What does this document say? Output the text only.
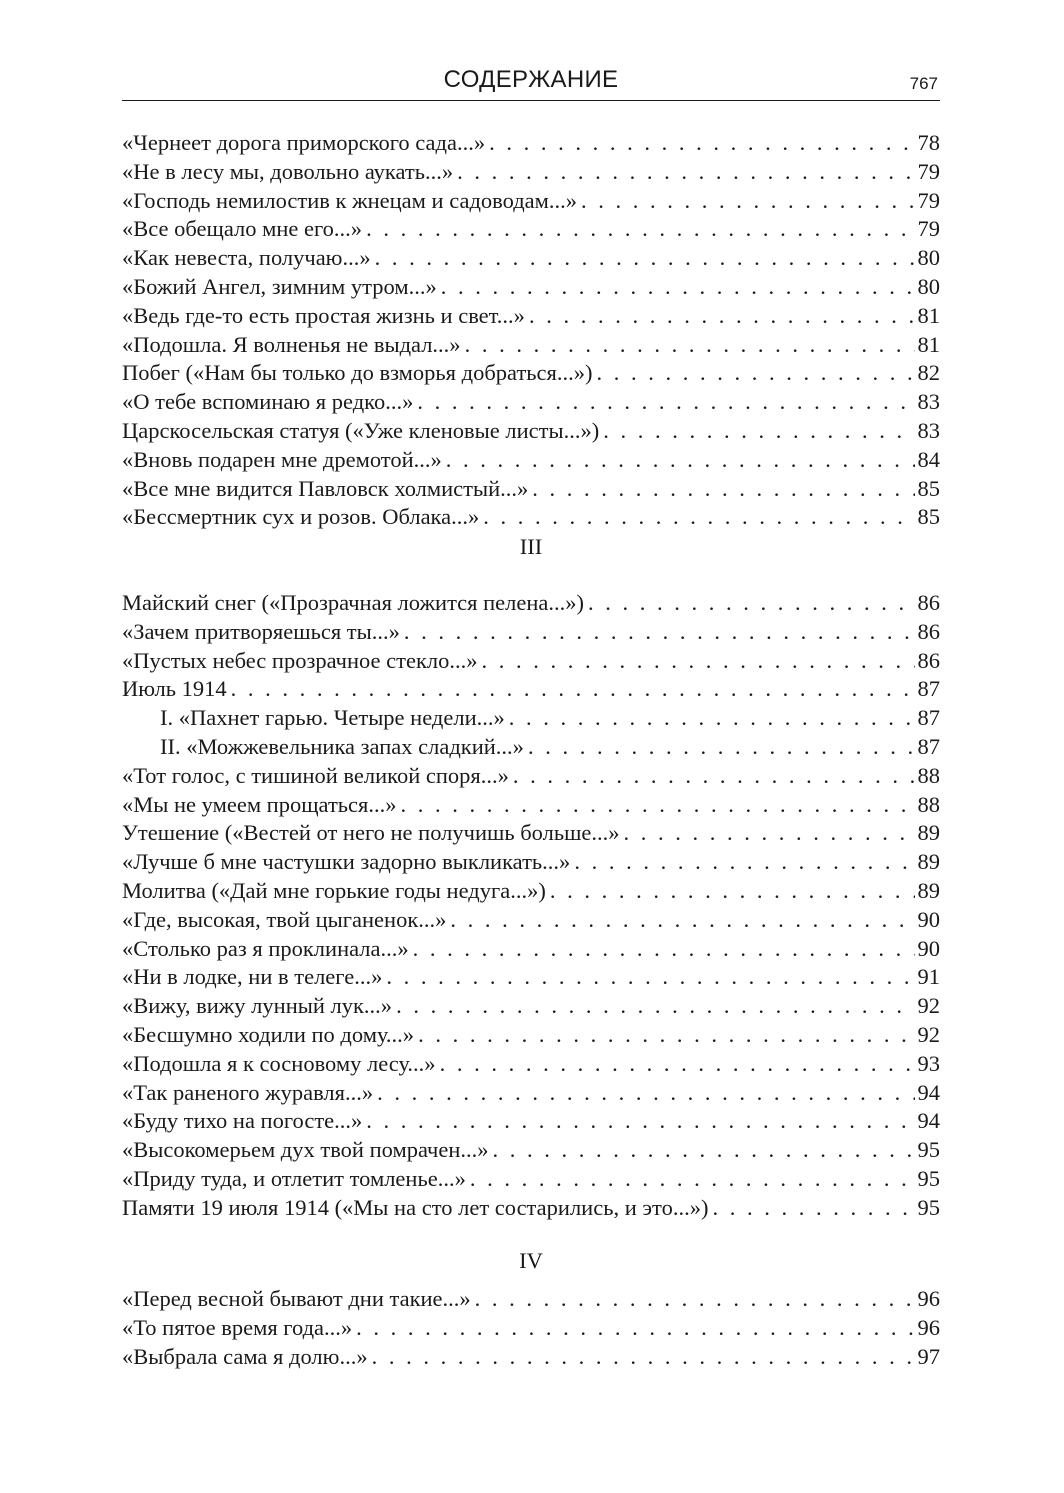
СОДЕРЖАНИЕ	767
«Чернеет дорога приморского сада...» . . .	78
«Не в лесу мы, довольно аукать...» . . .	79
«Господь немилостив к жнецам и садоводам...» . . .	79
«Все обещало мне его...» . . .	79
«Как невеста, получаю...» . . .	80
«Божий Ангел, зимним утром...» . . .	80
«Ведь где-то есть простая жизнь и свет...» . . .	81
«Подошла. Я волненья не выдал...» . . .	81
Побег («Нам бы только до взморья добраться...») . . .	82
«О тебе вспоминаю я редко...» . . .	83
Царскосельская статуя («Уже кленовые листы...») . . .	83
«Вновь подарен мне дремотой...» . . .	84
«Все мне видится Павловск холмистый...» . . .	85
«Бессмертник сух и розов. Облака...» . . .	85
III
Майский снег («Прозрачная ложится пелена...») . . .	86
«Зачем притворяешься ты...» . . .	86
«Пустых небес прозрачное стекло...» . . .	86
Июль 1914 . . .	87
I. «Пахнет гарью. Четыре недели...» . . .	87
II. «Можжевельника запах сладкий...» . . .	87
«Тот голос, с тишиной великой споря...» . . .	88
«Мы не умеем прощаться...» . . .	88
Утешение («Вестей от него не получишь больше...» . . .	89
«Лучше б мне частушки задорно выкликать...» . . .	89
Молитва («Дай мне горькие годы недуга...») . . .	89
«Где, высокая, твой цыганенок...» . . .	90
«Столько раз я проклинала...» . . .	90
«Ни в лодке, ни в телеге...» . . .	91
«Вижу, вижу лунный лук...» . . .	92
«Бесшумно ходили по дому...» . . .	92
«Подошла я к сосновому лесу...» . . .	93
«Так раненого журавля...» . . .	94
«Буду тихо на погосте...» . . .	94
«Высокомерьем дух твой помрачен...» . . .	95
«Приду туда, и отлетит томленье...» . . .	95
Памяти 19 июля 1914 («Мы на сто лет состарились, и это...») . . .	95
IV
«Перед весной бывают дни такие...» . . .	96
«То пятое время года...» . . .	96
«Выбрала сама я долю...» . . .	97
